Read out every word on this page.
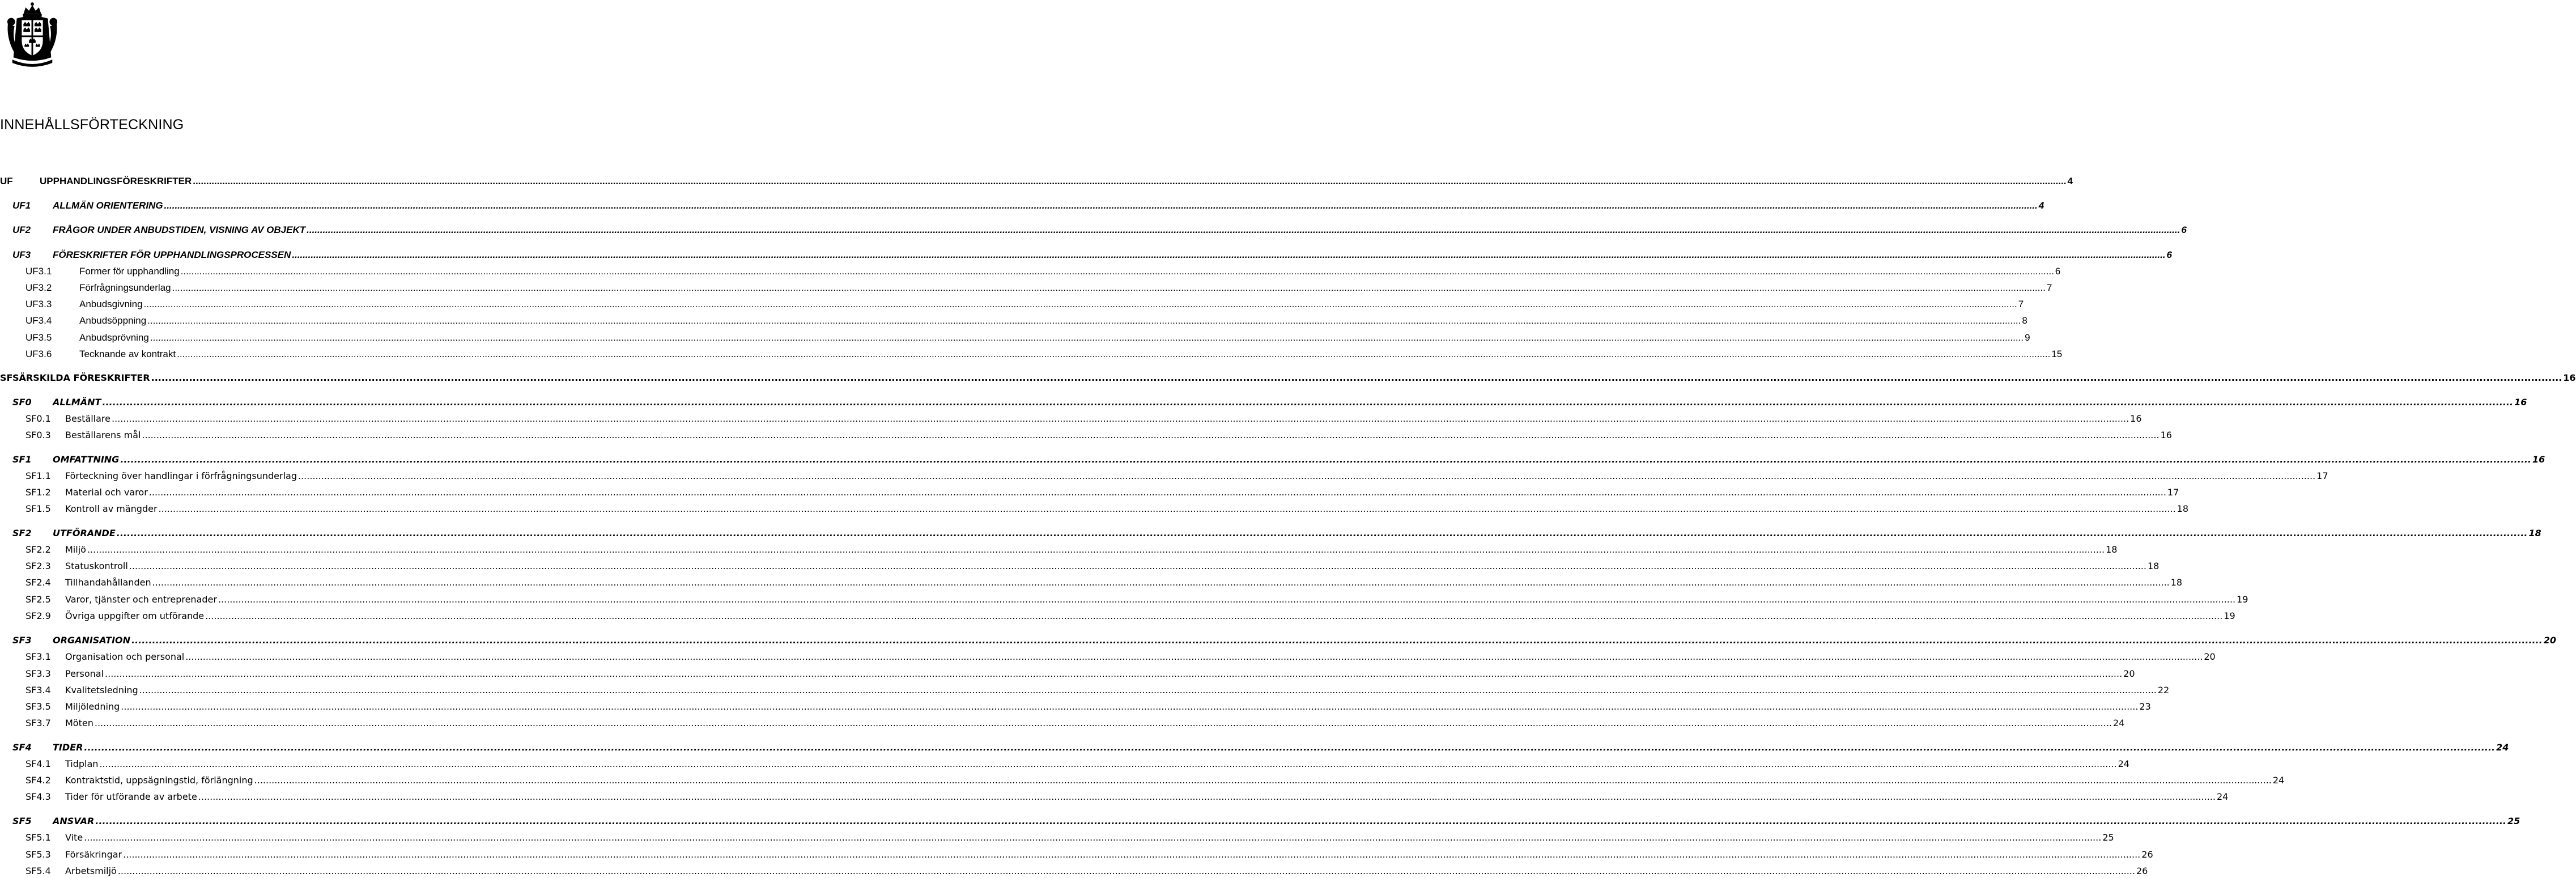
INNEHÅLLSFÖRTECKNING
UF	UPPHANDLINGSFÖRESKRIFTER ............................................................................................................................................................................................................................................................................................................................................................................................................................................................................................................................................................................................................................................................................................................................ 4
UF1 ALLMÄN ORIENTERING ............................................................................................................................................................................................................................................................................................................................................................................................................................................................................................................................................................................................................................................................................................................................ 4
UF2 FRÅGOR UNDER ANBUDSTIDEN, VISNING AV OBJEKT ............................................................................................................................................................................................................................................................................................................................................................................................................................................................................................................................................................................................................................................................................................................................ 6
UF3 FÖRESKRIFTER FÖR UPPHANDLINGSPROCESSEN ............................................................................................................................................................................................................................................................................................................................................................................................................................................................................................................................................................................................................................................................................................................................ 6
UF3.1	Former för upphandling ............................................................................................................................................................................................................................................................................................................................................................................................................................................................................................................................................................................................................................................................................................................................ 6
UF3.2	Förfrågningsunderlag ............................................................................................................................................................................................................................................................................................................................................................................................................................................................................................................................................................................................................................................................................................................................ 7
UF3.3	Anbudsgivning ............................................................................................................................................................................................................................................................................................................................................................................................................................................................................................................................................................................................................................................................................................................................ 7
UF3.4	Anbudsöppning ............................................................................................................................................................................................................................................................................................................................................................................................................................................................................................................................................................................................................................................................................................................................ 8
UF3.5	Anbudsprövning ............................................................................................................................................................................................................................................................................................................................................................................................................................................................................................................................................................................................................................................................................................................................ 9
UF3.6	Tecknande av kontrakt ............................................................................................................................................................................................................................................................................................................................................................................................................................................................................................................................................................................................................................................................................................................................ 15
SF SÄRSKILDA FÖRESKRIFTER ............................................................................................................................................................................................................................................................................................................................................................................................................................................................................................................................................................................................................................................................................................................................ 16
SF0 ALLMÄNT ............................................................................................................................................................................................................................................................................................................................................................................................................................................................................................................................................................................................................................................................................................................................ 16
SF0.1 Beställare ............................................................................................................................................................................................................................................................................................................................................................................................................................................................................................................................................................................................................................................................................................................................ 16
SF0.3 Beställarens mål ............................................................................................................................................................................................................................................................................................................................................................................................................................................................................................................................................................................................................................................................................................................................ 16
SF1 OMFATTNING ............................................................................................................................................................................................................................................................................................................................................................................................................................................................................................................................................................................................................................................................................................................................ 16
SF1.1 Förteckning över handlingar i förfrågningsunderlag ............................................................................................................................................................................................................................................................................................................................................................................................................................................................................................................................................................................................................................................................................................................................ 17
SF1.2 Material och varor ............................................................................................................................................................................................................................................................................................................................................................................................................................................................................................................................................................................................................................................................................................................................ 17
SF1.5 Kontroll av mängder ............................................................................................................................................................................................................................................................................................................................................................................................................................................................................................................................................................................................................................................................................................................................ 18
SF2 UTFÖRANDE ............................................................................................................................................................................................................................................................................................................................................................................................................................................................................................................................................................................................................................................................................................................................ 18
SF2.2 Miljö ............................................................................................................................................................................................................................................................................................................................................................................................................................................................................................................................................................................................................................................................................................................................ 18
SF2.3 Statuskontroll ............................................................................................................................................................................................................................................................................................................................................................................................................................................................................................................................................................................................................................................................................................................................ 18
SF2.4 Tillhandahållanden ............................................................................................................................................................................................................................................................................................................................................................................................................................................................................................................................................................................................................................................................................................................................ 18
SF2.5 Varor, tjänster och entreprenader ............................................................................................................................................................................................................................................................................................................................................................................................................................................................................................................................................................................................................................................................................................................................ 19
SF2.9 Övriga uppgifter om utförande ............................................................................................................................................................................................................................................................................................................................................................................................................................................................................................................................................................................................................................................................................................................................ 19
SF3 ORGANISATION ............................................................................................................................................................................................................................................................................................................................................................................................................................................................................................................................................................................................................................................................................................................................ 20
SF3.1 Organisation och personal ............................................................................................................................................................................................................................................................................................................................................................................................................................................................................................................................................................................................................................................................................................................................ 20
SF3.3 Personal ............................................................................................................................................................................................................................................................................................................................................................................................................................................................................................................................................................................................................................................................................................................................ 20
SF3.4 Kvalitetsledning ............................................................................................................................................................................................................................................................................................................................................................................................................................................................................................................................................................................................................................................................................................................................ 22
SF3.5 Miljöledning ............................................................................................................................................................................................................................................................................................................................................................................................................................................................................................................................................................................................................................................................................................................................ 23
SF3.7 Möten ............................................................................................................................................................................................................................................................................................................................................................................................................................................................................................................................................................................................................................................................................................................................ 24
SF4 TIDER ............................................................................................................................................................................................................................................................................................................................................................................................................................................................................................................................................................................................................................................................................................................................ 24
SF4.1 Tidplan ............................................................................................................................................................................................................................................................................................................................................................................................................................................................................................................................................................................................................................................................................................................................ 24
SF4.2 Kontraktstid, uppsägningstid, förlängning ............................................................................................................................................................................................................................................................................................................................................................................................................................................................................................................................................................................................................................................................................................................................ 24
SF4.3 Tider för utförande av arbete ............................................................................................................................................................................................................................................................................................................................................................................................................................................................................................................................................................................................................................................................................................................................ 24
SF5 ANSVAR ............................................................................................................................................................................................................................................................................................................................................................................................................................................................................................................................................................................................................................................................................................................................ 25
SF5.1 Vite ............................................................................................................................................................................................................................................................................................................................................................................................................................................................................................................................................................................................................................................................................................................................ 25
SF5.3 Försäkringar ............................................................................................................................................................................................................................................................................................................................................................................................................................................................................................................................................................................................................................................................................................................................ 26
SF5.4 Arbetsmiljö ............................................................................................................................................................................................................................................................................................................................................................................................................................................................................................................................................................................................................................................................................................................................ 26
